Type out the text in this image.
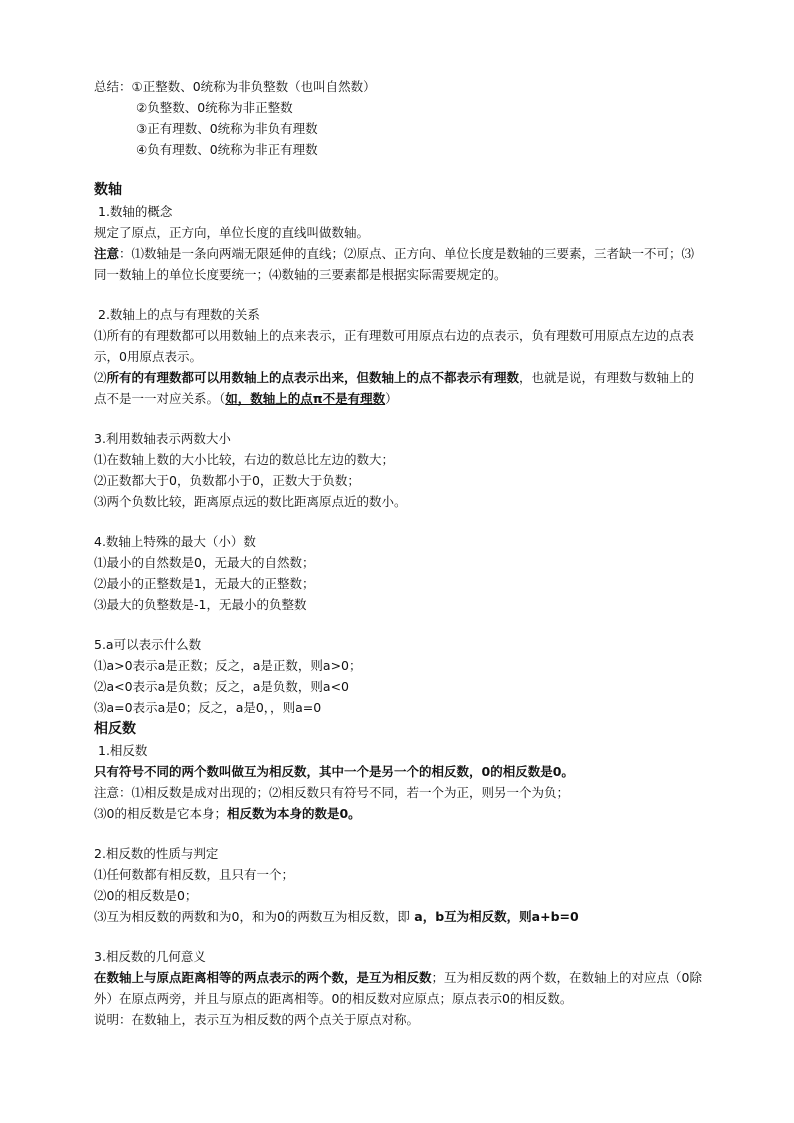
总结：①正整数、0统称为非负整数（也叫自然数）

②负整数、0统称为非正整数

③正有理数、0统称为非负有理数

④负有理数、0统称为非正有理数

数轴

1.数轴的概念

规定了原点，正方向，单位长度的直线叫做数轴。

注意：⑴数轴是一条向两端无限延伸的直线；⑵原点、正方向、单位长度是数轴的三要素，三者缺一不可；⑶同一数轴上的单位长度要统一；⑷数轴的三要素都是根据实际需要规定的。

2.数轴上的点与有理数的关系

⑴所有的有理数都可以用数轴上的点来表示，正有理数可用原点右边的点表示，负有理数可用原点左边的点表示，0用原点表示。

⑵所有的有理数都可以用数轴上的点表示出来，但数轴上的点不都表示有理数，也就是说，有理数与数轴上的点不是一一对应关系。（如，数轴上的点π不是有理数）

3.利用数轴表示两数大小

⑴在数轴上数的大小比较，右边的数总比左边的数大；

⑵正数都大于0，负数都小于0，正数大于负数；

⑶两个负数比较，距离原点远的数比距离原点近的数小。

4.数轴上特殊的最大（小）数

⑴最小的自然数是0，无最大的自然数；

⑵最小的正整数是1，无最大的正整数；

⑶最大的负整数是-1，无最小的负整数

5.a可以表示什么数

⑴a>0表示a是正数；反之，a是正数，则a>0；

⑵a<0表示a是负数；反之，a是负数，则a<0

⑶a=0表示a是0；反之，a是0，，则a=0

相反数

1.相反数

只有符号不同的两个数叫做互为相反数，其中一个是另一个的相反数，0的相反数是0。

注意：⑴相反数是成对出现的；⑵相反数只有符号不同，若一个为正，则另一个为负；

⑶0的相反数是它本身；相反数为本身的数是0。

2.相反数的性质与判定

⑴任何数都有相反数，且只有一个；

⑵0的相反数是0；

⑶互为相反数的两数和为0，和为0的两数互为相反数，即 a，b互为相反数，则a+b=0

3.相反数的几何意义

在数轴上与原点距离相等的两点表示的两个数，是互为相反数；互为相反数的两个数，在数轴上的对应点（0除外）在原点两旁，并且与原点的距离相等。0的相反数对应原点；原点表示0的相反数。

说明：在数轴上，表示互为相反数的两个点关于原点对称。
